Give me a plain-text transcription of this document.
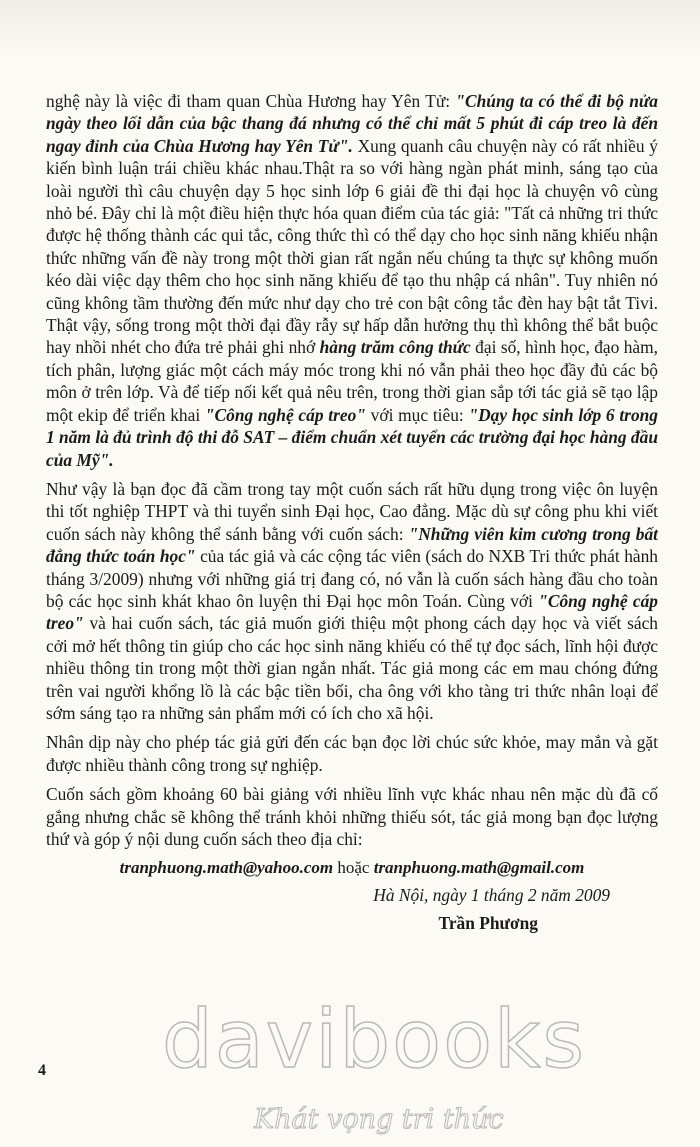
nghệ này là việc đi tham quan Chùa Hương hay Yên Tử: "Chúng ta có thể đi bộ nửa ngày theo lối dẫn của bậc thang đá nhưng có thể chỉ mất 5 phút đi cáp treo là đến ngay đỉnh của Chùa Hương hay Yên Tử". Xung quanh câu chuyện này có rất nhiều ý kiến bình luận trái chiều khác nhau.Thật ra so với hàng ngàn phát minh, sáng tạo của loài người thì câu chuyện dạy 5 học sinh lớp 6 giải đề thi đại học là chuyện vô cùng nhỏ bé. Đây chỉ là một điều hiện thực hóa quan điểm của tác giả: "Tất cả những tri thức được hệ thống thành các qui tắc, công thức thì có thể dạy cho học sinh năng khiếu nhận thức những vấn đề này trong một thời gian rất ngắn nếu chúng ta thực sự không muốn kéo dài việc dạy thêm cho học sinh năng khiếu để tạo thu nhập cá nhân". Tuy nhiên nó cũng không tầm thường đến mức như dạy cho trẻ con bật công tắc đèn hay bật tắt Tivi. Thật vậy, sống trong một thời đại đầy rẫy sự hấp dẫn hưởng thụ thì không thể bắt buộc hay nhồi nhét cho đứa trẻ phải ghi nhớ hàng trăm công thức đại số, hình học, đạo hàm, tích phân, lượng giác một cách máy móc trong khi nó vẫn phải theo học đầy đủ các bộ môn ở trên lớp. Và để tiếp nối kết quả nêu trên, trong thời gian sắp tới tác giả sẽ tạo lập một ekip để triển khai "Công nghệ cáp treo" với mục tiêu: "Dạy học sinh lớp 6 trong 1 năm là đủ trình độ thi đỗ SAT – điểm chuẩn xét tuyển các trường đại học hàng đầu của Mỹ".

Như vậy là bạn đọc đã cầm trong tay một cuốn sách rất hữu dụng trong việc ôn luyện thi tốt nghiệp THPT và thi tuyển sinh Đại học, Cao đẳng. Mặc dù sự công phu khi viết cuốn sách này không thể sánh bằng với cuốn sách: "Những viên kim cương trong bất đẳng thức toán học" của tác giả và các cộng tác viên (sách do NXB Tri thức phát hành tháng 3/2009) nhưng với những giá trị đang có, nó vẫn là cuốn sách hàng đầu cho toàn bộ các học sinh khát khao ôn luyện thi Đại học môn Toán. Cùng với "Công nghệ cáp treo" và hai cuốn sách, tác giả muốn giới thiệu một phong cách dạy học và viết sách cởi mở hết thông tin giúp cho các học sinh năng khiếu có thể tự đọc sách, lĩnh hội được nhiều thông tin trong một thời gian ngắn nhất. Tác giả mong các em mau chóng đứng trên vai người khổng lồ là các bậc tiền bối, cha ông với kho tàng tri thức nhân loại để sớm sáng tạo ra những sản phẩm mới có ích cho xã hội.

Nhân dịp này cho phép tác giả gửi đến các bạn đọc lời chúc sức khỏe, may mắn và gặt được nhiều thành công trong sự nghiệp.

Cuốn sách gồm khoảng 60 bài giảng với nhiều lĩnh vực khác nhau nên mặc dù đã cố gắng nhưng chắc sẽ không thể tránh khỏi những thiếu sót, tác giả mong bạn đọc lượng thứ và góp ý nội dung cuốn sách theo địa chỉ:

tranphuong.math@yahoo.com hoặc tranphuong.math@gmail.com
Hà Nội, ngày 1 tháng 2 năm 2009
Trần Phương
4 davibooks
Khát vọng tri thức
